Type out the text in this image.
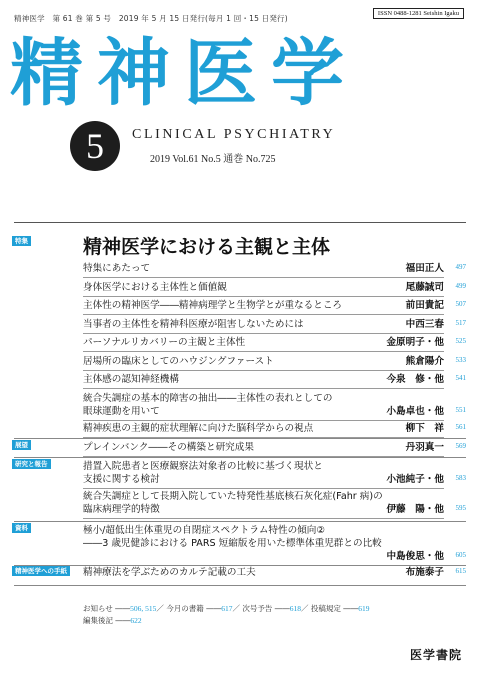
精神医学　第 61 巻 第 5 号　2019 年 5 月 15 日発行(毎月 1 回・15 日発行)
ISSN 0488-1281 Seishin Igaku
精神医学
5	CLINICAL PSYCHIATRY
2019 Vol.61 No.5 通巻 No.725
特集	精神医学における主観と主体
特集にあたって	福田正人 497
身体医学における主体性と価値観	尾藤誠司 499
主体性の精神医学――精神病理学と生物学とが重なるところ	前田貴記 507
当事者の主体性を精神科医療が阻害しないためには	中西三春 517
パーソナルリカバリーの主観と主体性	金原明子・他 525
居場所の臨床としてのハウジングファースト	熊倉陽介 533
主体感の認知神経機構	今泉　修・他 541
統合失調症の基本的障害の抽出――主体性の表れとしての
眼球運動を用いて	小島卓也・他 551
精神疾患の主観的症状理解に向けた脳科学からの視点	柳下　祥 561
展望	プレインバンク――その構築と研究成果	丹羽真一 569
研究と報告	措置入院患者と医療観察法対象者の比較に基づく現状と
支援に関する検討	小池純子・他 583
統合失調症として長期入院していた特発性基底核石灰化症(Fahr 病)の
臨床病理学的特徴	伊藤　陽・他 595
資料	極小/超低出生体重児の自閉症スペクトラム特性の傾向②
――3 歳児健診における PARS 短縮版を用いた標準体重児群との比較

中島俊思・他 605
精神医学への手紙	精神療法を学ぶためのカルテ記載の工夫	布施泰子 615
お知らせ ――506, 515／ 今月の書籍 ――617／ 次号予告 ――618／ 投稿規定 ――619
編集後記 ――622
医学書院
